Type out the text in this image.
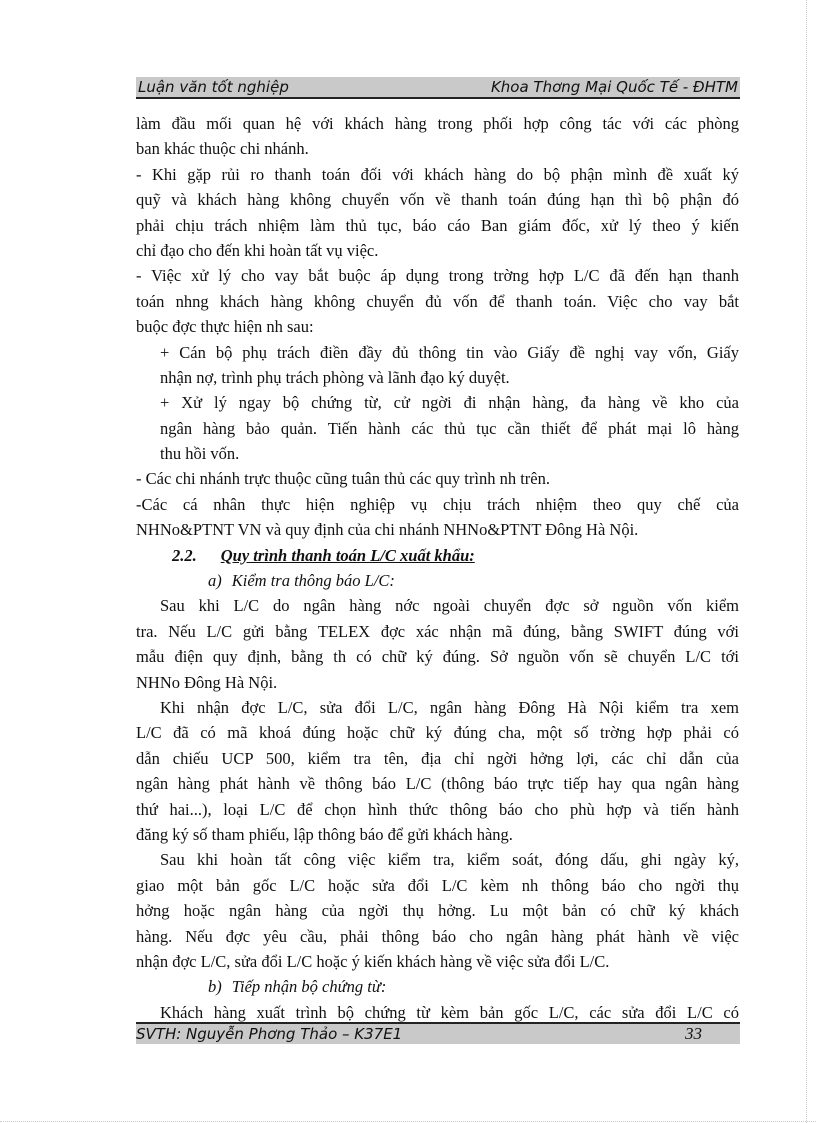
Luận văn tốt nghiệp	Khoa Thơng Mại Quốc Tế - ĐHTM
làm đầu mối quan hệ với khách hàng trong phối hợp công tác với các phòng
ban khác thuộc chi nhánh.
- Khi gặp rủi ro thanh toán đối với khách hàng do bộ phận mình đề xuất ký
quỹ và khách hàng không chuyển vốn về thanh toán đúng hạn thì bộ phận đó
phải chịu trách nhiệm làm thủ tục, báo cáo Ban giám đốc, xử lý theo ý kiến
chỉ đạo cho đến khi hoàn tất vụ việc.
- Việc xử lý cho vay bắt buộc áp dụng trong trờng hợp L/C đã đến hạn thanh
toán nhng khách hàng không chuyển đủ vốn để thanh toán. Việc cho vay bắt
buộc đợc thực hiện nh sau:
+ Cán bộ phụ trách điền đầy đủ thông tin vào Giấy đề nghị vay vốn, Giấy
nhận nợ, trình phụ trách phòng và lãnh đạo ký duyệt.
+ Xử lý ngay bộ chứng từ, cử ngời đi nhận hàng, đa hàng về kho của
ngân hàng bảo quản. Tiến hành các thủ tục cần thiết để phát mại lô hàng
thu hồi vốn.
- Các chi nhánh trực thuộc cũng tuân thủ các quy trình nh trên.
-Các cá nhân thực hiện nghiệp vụ chịu trách nhiệm theo quy chế của
NHNo&PTNT VN và quy định của chi nhánh NHNo&PTNT Đông Hà Nội.
2.2. Quy trình thanh toán L/C xuất khẩu:
a) Kiểm tra thông báo L/C:
Sau khi L/C do ngân hàng nớc ngoài chuyển đợc sở nguồn vốn kiểm
tra. Nếu L/C gửi bằng TELEX đợc xác nhận mã đúng, bằng SWIFT đúng với
mẫu điện quy định, bằng th có chữ ký đúng. Sở nguồn vốn sẽ chuyển L/C tới
NHNo Đông Hà Nội.
Khi nhận đợc L/C, sửa đổi L/C, ngân hàng Đông Hà Nội kiểm tra xem
L/C đã có mã khoá đúng hoặc chữ ký đúng cha, một số trờng hợp phải có
dẫn chiếu UCP 500, kiểm tra tên, địa chỉ ngời hởng lợi, các chỉ dẫn của
ngân hàng phát hành về thông báo L/C (thông báo trực tiếp hay qua ngân hàng
thứ hai...), loại L/C để chọn hình thức thông báo cho phù hợp và tiến hành
đăng ký số tham phiếu, lập thông báo để gửi khách hàng.
Sau khi hoàn tất công việc kiểm tra, kiểm soát, đóng dấu, ghi ngày ký,
giao một bản gốc L/C hoặc sửa đổi L/C kèm nh thông báo cho ngời thụ
hởng hoặc ngân hàng của ngời thụ hởng. Lu một bản có chữ ký khách
hàng. Nếu đợc yêu cầu, phải thông báo cho ngân hàng phát hành về việc
nhận đợc L/C, sửa đổi L/C hoặc ý kiến khách hàng về việc sửa đổi L/C.
b) Tiếp nhận bộ chứng từ:
Khách hàng xuất trình bộ chứng từ kèm bản gốc L/C, các sửa đổi L/C có
SVTH: Nguyễn Phơng Thảo – K37E1	33
